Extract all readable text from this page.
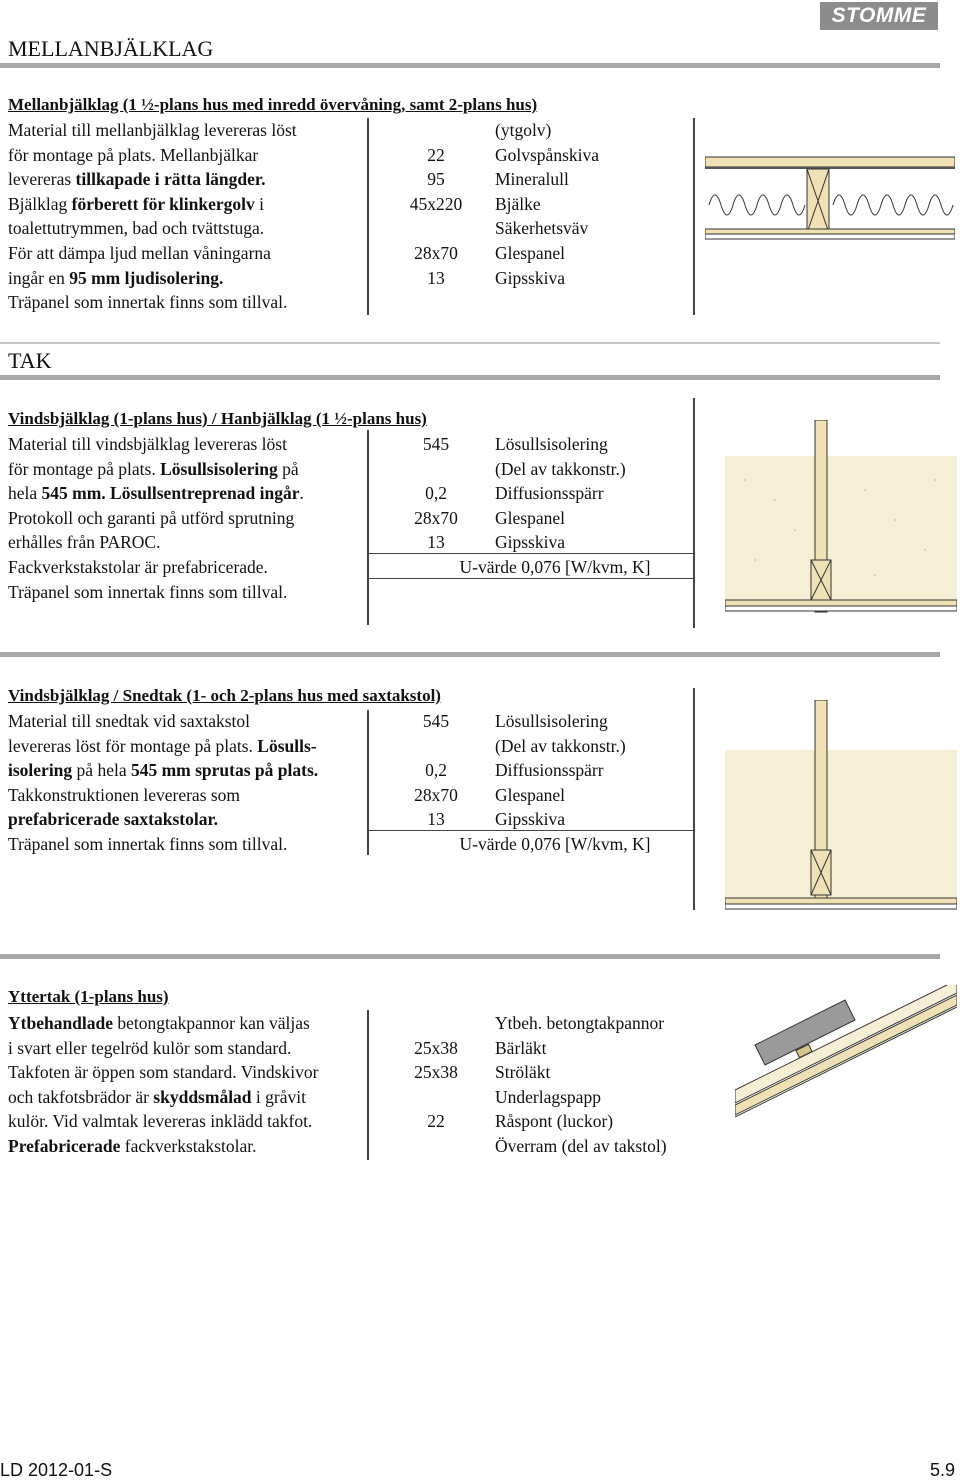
STOMME
MELLANBJÄLKLAG
Mellanbjälklag (1 ½-plans hus med inredd övervåning, samt 2-plans hus)
Material till mellanbjälklag levereras löst
för montage på plats. Mellanbjälkar
levereras tillkapade i rätta längder.
Bjälklag förberett för klinkergolv i
toalettutrymmen, bad och tvättstuga.
För att dämpa ljud mellan våningarna
ingår en 95 mm ljudisolering.
Träpanel som innertak finns som tillval.
(ytgolv)
22	Golvspånskiva
95	Mineralull
45x220	Bjälke
Säkerhetsväv
28x70	Glespanel
13	Gipsskiva
TAK
Vindsbjälklag (1-plans hus) / Hanbjälklag (1 ½-plans hus)
Material till vindsbjälklag levereras löst
för montage på plats. Lösullsisolering på
hela 545 mm. Lösullsentreprenad ingår.
Protokoll och garanti på utförd sprutning
erhålles från PAROC.
Fackverkstakstolar är prefabricerade.
Träpanel som innertak finns som tillval.
545	Lösullsisolering
(Del av takkonstr.)
0,2	Diffusionsspärr
28x70	Glespanel
13	Gipsskiva
U-värde 0,076 [W/kvm, K]
Vindsbjälklag / Snedtak (1- och 2-plans hus med saxtakstol)
Material till snedtak vid saxtakstol
levereras löst för montage på plats. Lösulls-
isolering på hela 545 mm sprutas på plats.
Takkonstruktionen levereras som
prefabricerade saxtakstolar.
Träpanel som innertak finns som tillval.
545	Lösullsisolering
(Del av takkonstr.)
0,2	Diffusionsspärr
28x70	Glespanel
13	Gipsskiva
U-värde 0,076 [W/kvm, K]
Yttertak (1-plans hus)
Ytbehandlade betongtakpannor kan väljas
i svart eller tegelröd kulör som standard.
Takfoten är öppen som standard. Vindskivor
och takfotsbrädor är skyddsmålad i gråvit
kulör. Vid valmtak levereras inklädd takfot.
Prefabricerade fackverkstakstolar.
Ytbeh. betongtakpannor
25x38	Bärläkt
25x38	Ströläkt
Underlagspapp
22	Råspont (luckor)
Överram (del av takstol)
LD 2012-01-S	5.9
